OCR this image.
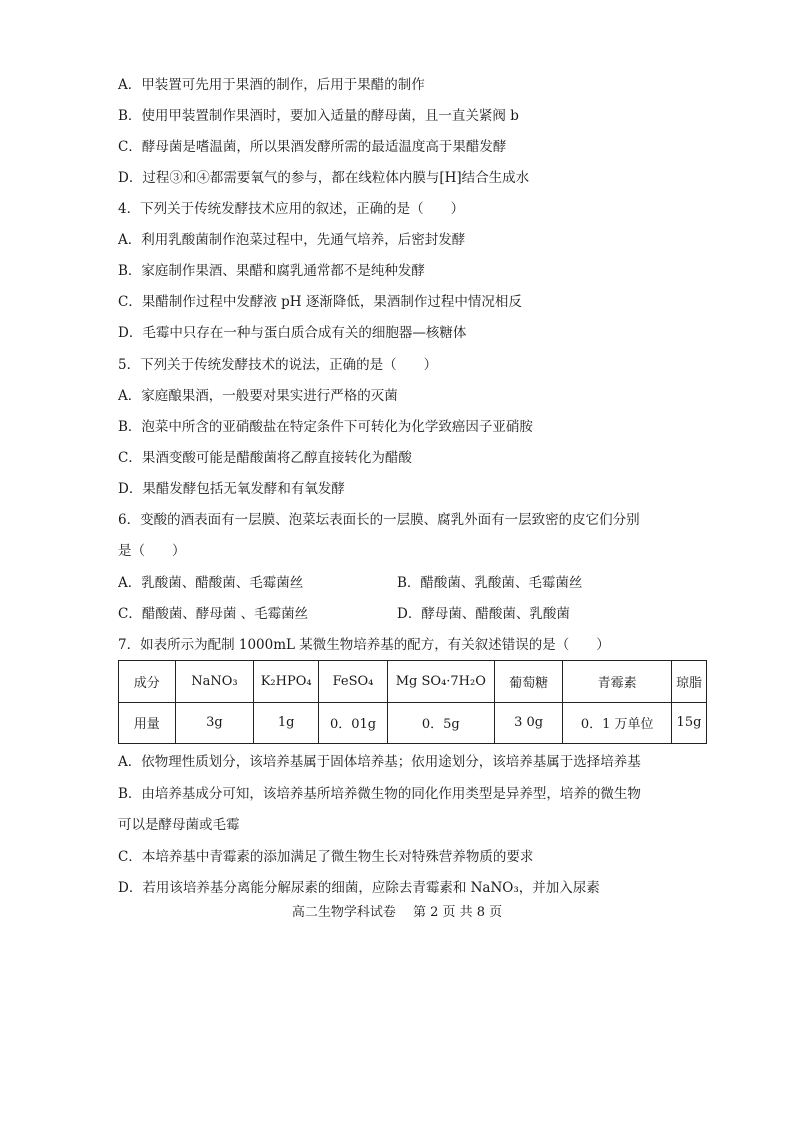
A．甲装置可先用于果酒的制作，后用于果醋的制作
B．使用甲装置制作果酒时，要加入适量的酵母菌，且一直关紧阀 b
C．酵母菌是嗜温菌，所以果酒发酵所需的最适温度高于果醋发酵
D．过程③和④都需要氧气的参与，都在线粒体内膜与[H]结合生成水
4．下列关于传统发酵技术应用的叙述，正确的是（　　）
A．利用乳酸菌制作泡菜过程中，先通气培养，后密封发酵
B．家庭制作果酒、果醋和腐乳通常都不是纯种发酵
C．果醋制作过程中发酵液 pH 逐渐降低，果酒制作过程中情况相反
D．毛霉中只存在一种与蛋白质合成有关的细胞器—核糖体
5．下列关于传统发酵技术的说法，正确的是（　　）
A．家庭酿果酒，一般要对果实进行严格的灭菌
B．泡菜中所含的亚硝酸盐在特定条件下可转化为化学致癌因子亚硝胺
C．果酒变酸可能是醋酸菌将乙醇直接转化为醋酸
D．果醋发酵包括无氧发酵和有氧发酵
6．变酸的酒表面有一层膜、泡菜坛表面长的一层膜、腐乳外面有一层致密的皮它们分别
是（　　）
A．乳酸菌、醋酸菌、毛霉菌丝	B．醋酸菌、乳酸菌、毛霉菌丝
C．醋酸菌、酵母菌 、毛霉菌丝	D．酵母菌、醋酸菌、乳酸菌
7．如表所示为配制 1000mL 某微生物培养基的配方，有关叙述错误的是（　　）
成分	NaNO₃	K₂HPO₄	FeSO₄	Mg SO₄·7H₂O	葡萄糖	青霉素	琼脂
用量	3g	1g	0．01g	0．5g	3 0g	0．1 万单位	15g
A．依物理性质划分，该培养基属于固体培养基；依用途划分，该培养基属于选择培养基
B．由培养基成分可知，该培养基所培养微生物的同化作用类型是异养型，培养的微生物
可以是酵母菌或毛霉
C．本培养基中青霉素的添加满足了微生物生长对特殊营养物质的要求
D．若用该培养基分离能分解尿素的细菌，应除去青霉素和 NaNO₃，并加入尿素
高二生物学科试卷　 第 2 页 共 8 页
